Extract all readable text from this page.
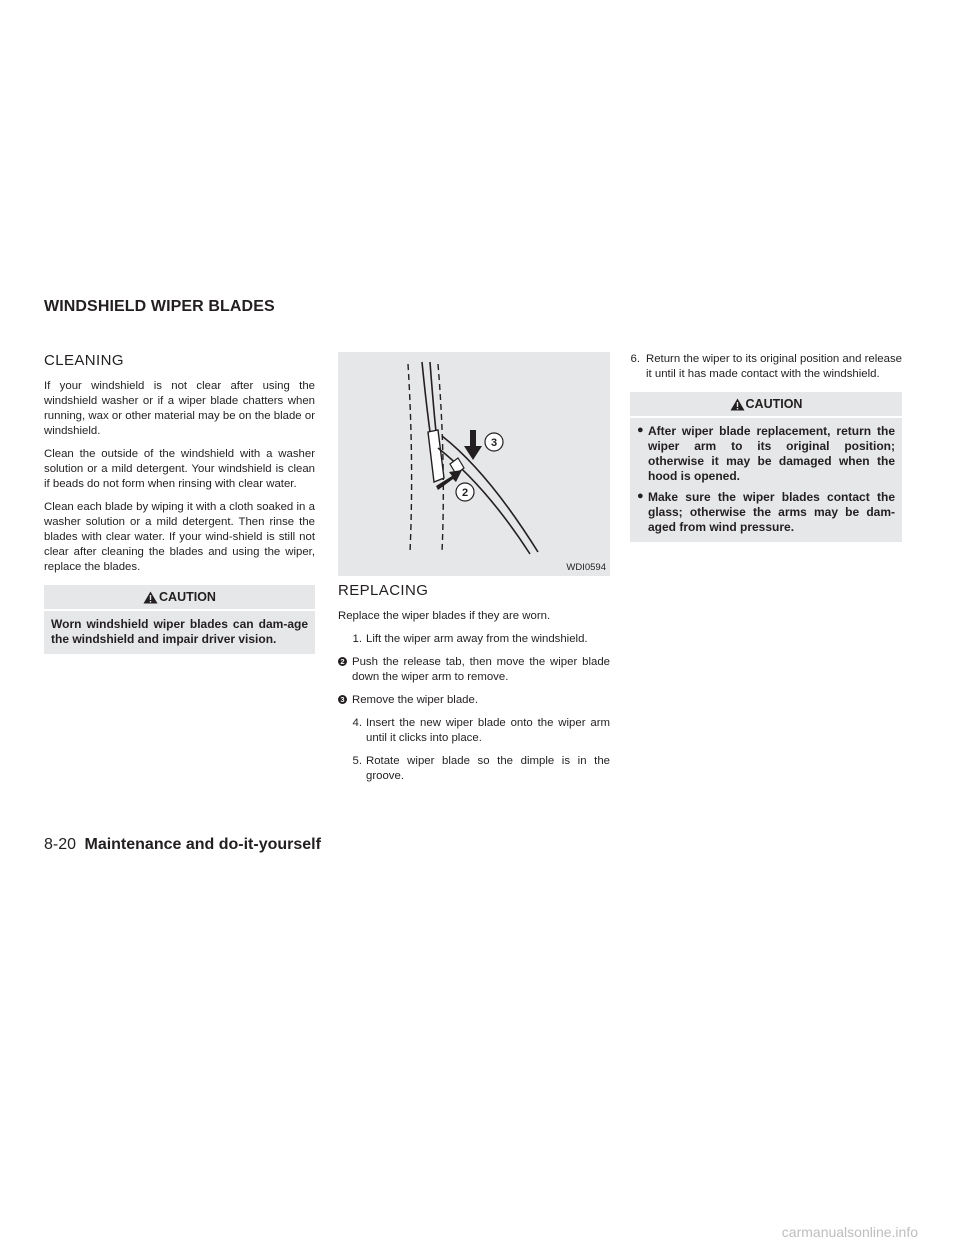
WINDSHIELD WIPER BLADES
CLEANING

If your windshield is not clear after using the windshield washer or if a wiper blade chatters when running, wax or other material may be on the blade or windshield.

Clean the outside of the windshield with a washer solution or a mild detergent. Your windshield is clean if beads do not form when rinsing with clear water.

Clean each blade by wiping it with a cloth soaked in a washer solution or a mild detergent. Then rinse the blades with clear water. If your wind-shield is still not clear after cleaning the blades and using the wiper, replace the blades.

CAUTION
Worn windshield wiper blades can dam-age the windshield and impair driver vision.
3
2
WDI0594
REPLACING

Replace the wiper blades if they are worn.

1. Lift the wiper arm away from the windshield.
2 Push the release tab, then move the wiper blade down the wiper arm to remove.
3 Remove the wiper blade.
4. Insert the new wiper blade onto the wiper arm until it clicks into place.
5. Rotate wiper blade so the dimple is in the groove.
6. Return the wiper to its original position and release it until it has made contact with the windshield.
CAUTION
● After wiper blade replacement, return the wiper arm to its original position; otherwise it may be damaged when the hood is opened.
● Make sure the wiper blades contact the glass; otherwise the arms may be dam-aged from wind pressure.
8-20 Maintenance and do-it-yourself
carmanualsonline.info
